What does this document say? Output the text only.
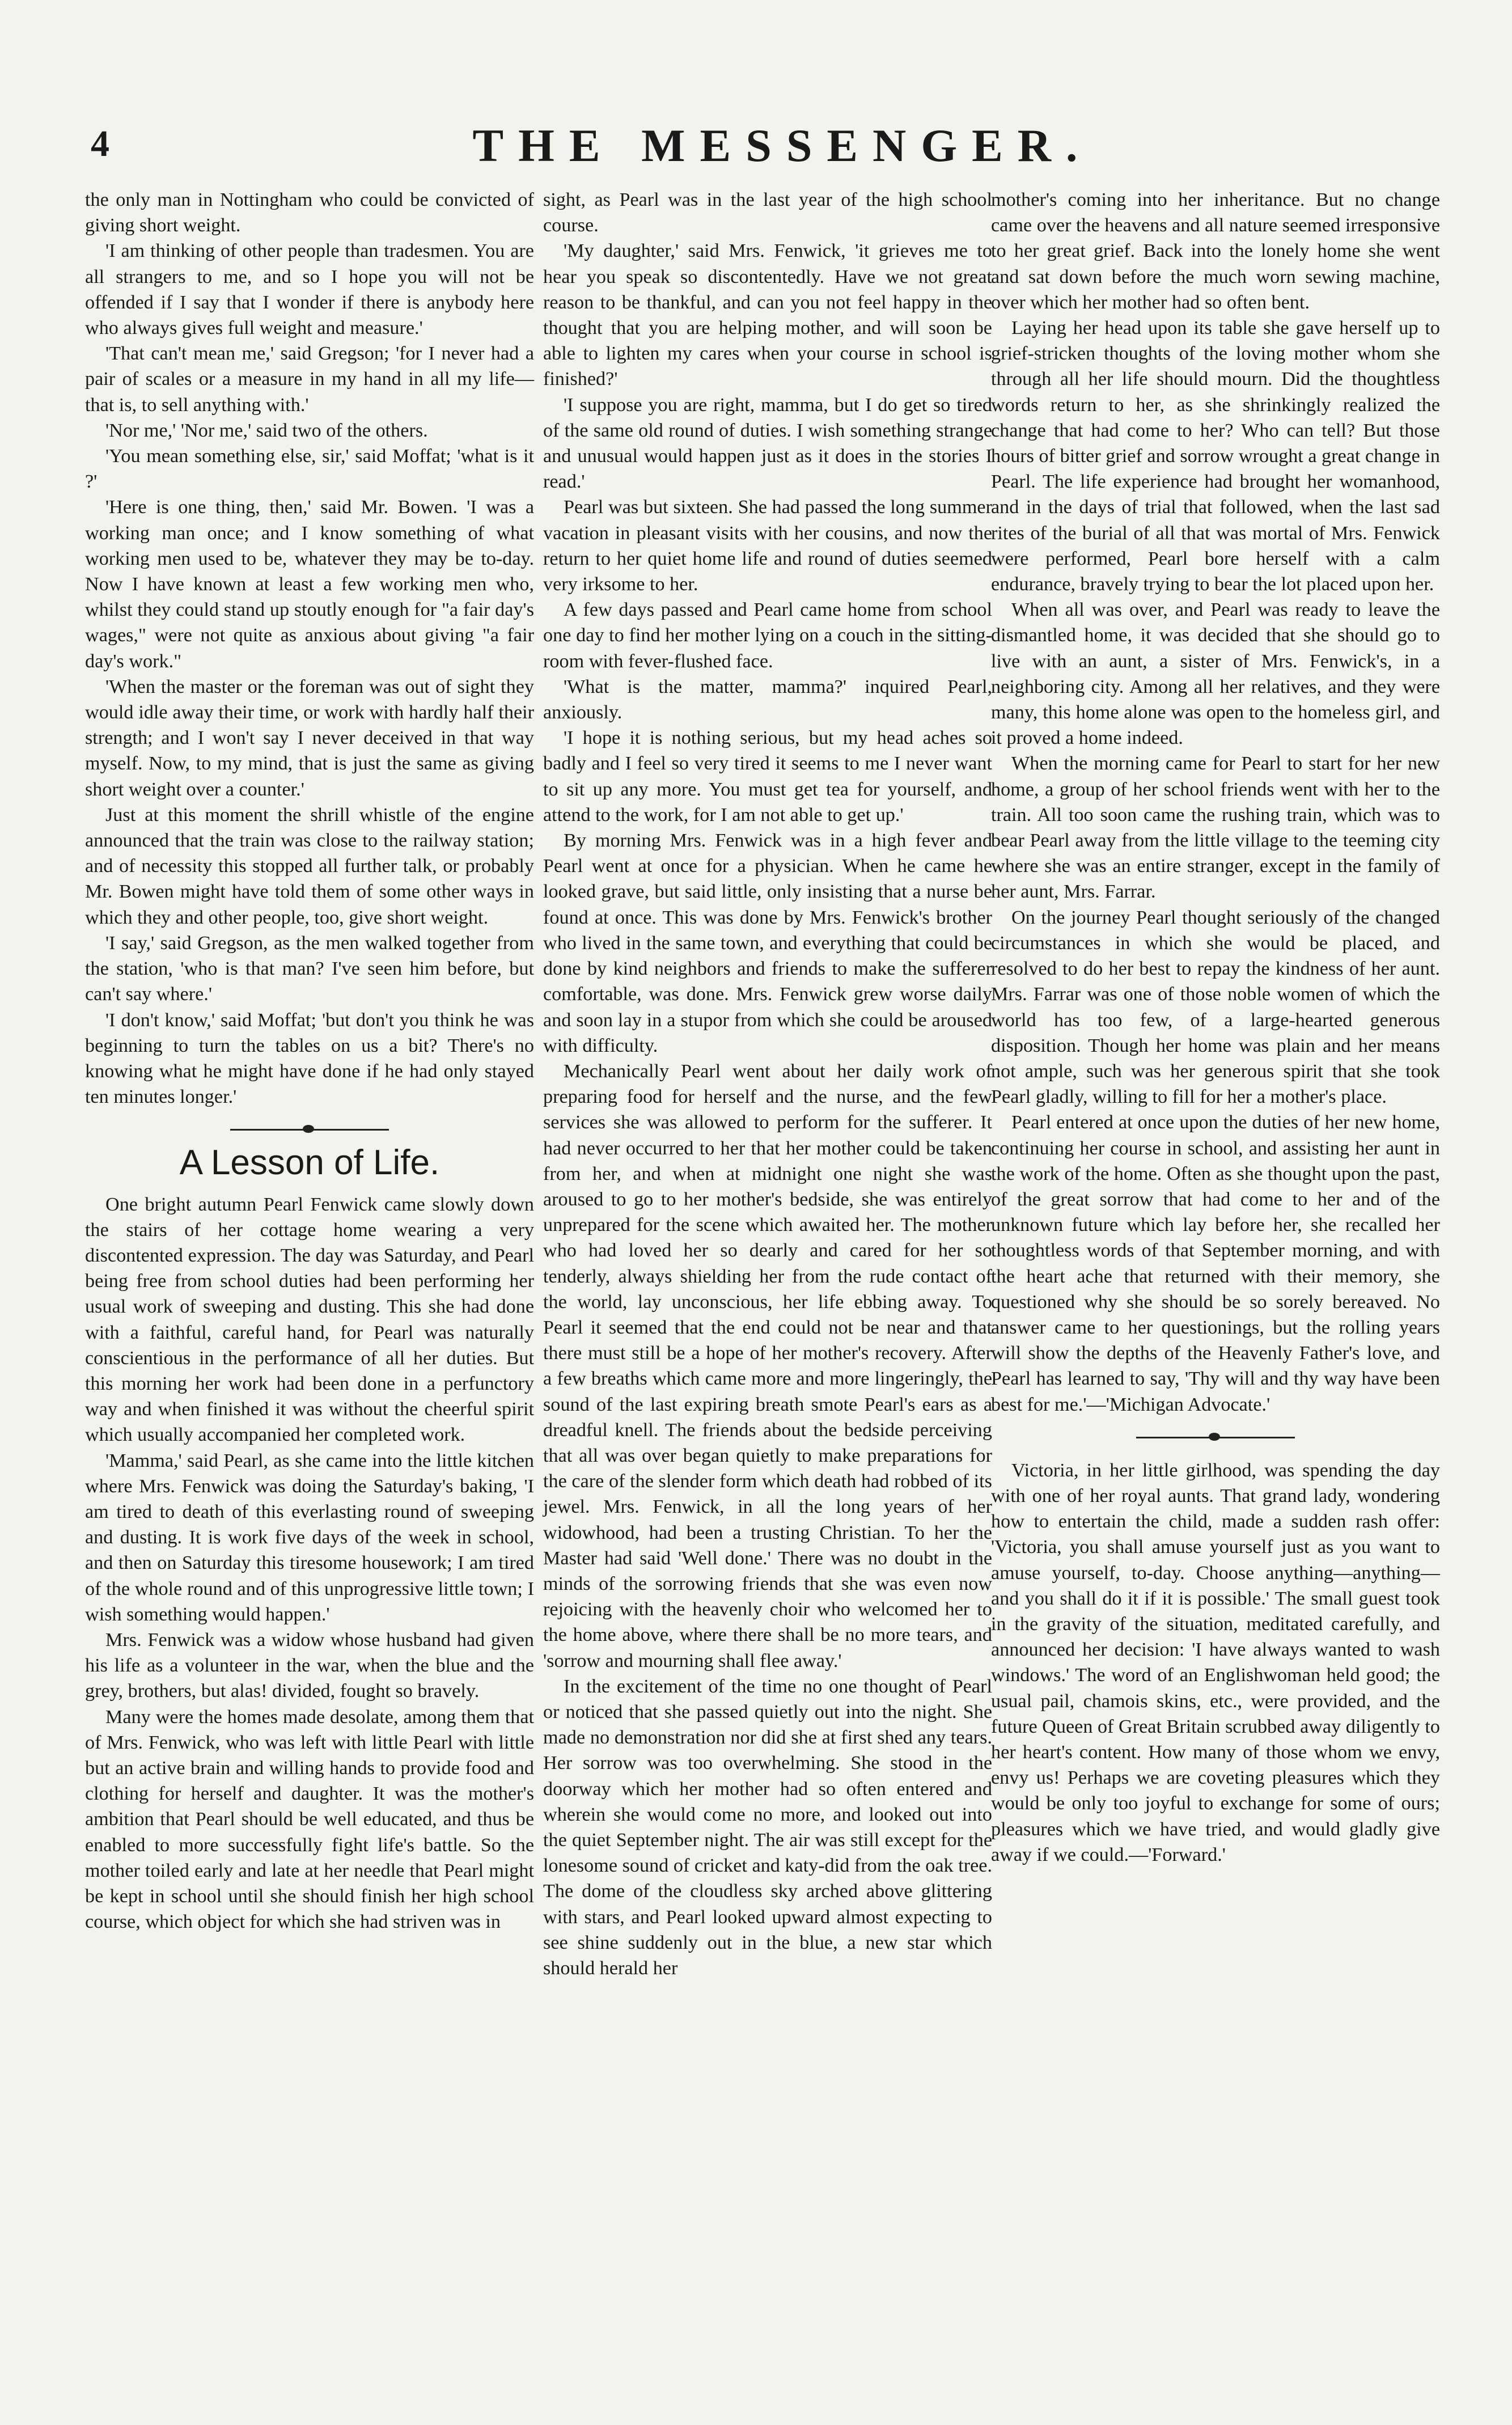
4	THE MESSENGER.

the only man in Nottingham who could be convicted of giving short weight.

'I am thinking of other people than tradesmen. You are all strangers to me, and so I hope you will not be offended if I say that I wonder if there is anybody here who always gives full weight and measure.'

'That can't mean me,' said Gregson; 'for I never had a pair of scales or a measure in my hand in all my life—that is, to sell anything with.'

'Nor me,' 'Nor me,' said two of the others.

'You mean something else, sir,' said Moffat; 'what is it ?'

'Here is one thing, then,' said Mr. Bowen. 'I was a working man once; and I know something of what working men used to be, whatever they may be to-day. Now I have known at least a few working men who, whilst they could stand up stoutly enough for "a fair day's wages," were not quite as anxious about giving "a fair day's work."

'When the master or the foreman was out of sight they would idle away their time, or work with hardly half their strength; and I won't say I never deceived in that way myself. Now, to my mind, that is just the same as giving short weight over a counter.'

Just at this moment the shrill whistle of the engine announced that the train was close to the railway station; and of necessity this stopped all further talk, or probably Mr. Bowen might have told them of some other ways in which they and other people, too, give short weight.

'I say,' said Gregson, as the men walked together from the station, 'who is that man? I've seen him before, but can't say where.'

'I don't know,' said Moffat; 'but don't you think he was beginning to turn the tables on us a bit? There's no knowing what he might have done if he had only stayed ten minutes longer.'

A Lesson of Life.

One bright autumn Pearl Fenwick came slowly down the stairs of her cottage home wearing a very discontented expression. The day was Saturday, and Pearl being free from school duties had been performing her usual work of sweeping and dusting. This she had done with a faithful, careful hand, for Pearl was naturally conscientious in the performance of all her duties. But this morning her work had been done in a perfunctory way and when finished it was without the cheerful spirit which usually accompanied her completed work.

'Mamma,' said Pearl, as she came into the little kitchen where Mrs. Fenwick was doing the Saturday's baking, 'I am tired to death of this everlasting round of sweeping and dusting. It is work five days of the week in school, and then on Saturday this tiresome housework; I am tired of the whole round and of this unprogressive little town; I wish something would happen.'

Mrs. Fenwick was a widow whose husband had given his life as a volunteer in the war, when the blue and the grey, brothers, but alas! divided, fought so bravely.

Many were the homes made desolate, among them that of Mrs. Fenwick, who was left with little Pearl with little but an active brain and willing hands to provide food and clothing for herself and daughter. It was the mother's ambition that Pearl should be well educated, and thus be enabled to more successfully fight life's battle. So the mother toiled early and late at her needle that Pearl might be kept in school until she should finish her high school course, which object for which she had striven was in

sight, as Pearl was in the last year of the high school course.

'My daughter,' said Mrs. Fenwick, 'it grieves me to hear you speak so discontentedly. Have we not great reason to be thankful, and can you not feel happy in the thought that you are helping mother, and will soon be able to lighten my cares when your course in school is finished?'

'I suppose you are right, mamma, but I do get so tired of the same old round of duties. I wish something strange and unusual would happen just as it does in the stories I read.'

Pearl was but sixteen. She had passed the long summer vacation in pleasant visits with her cousins, and now the return to her quiet home life and round of duties seemed very irksome to her.

A few days passed and Pearl came home from school one day to find her mother lying on a couch in the sitting-room with fever-flushed face.

'What is the matter, mamma?' inquired Pearl, anxiously.

'I hope it is nothing serious, but my head aches so badly and I feel so very tired it seems to me I never want to sit up any more. You must get tea for yourself, and attend to the work, for I am not able to get up.'

By morning Mrs. Fenwick was in a high fever and Pearl went at once for a physician. When he came he looked grave, but said little, only insisting that a nurse be found at once. This was done by Mrs. Fenwick's brother who lived in the same town, and everything that could be done by kind neighbors and friends to make the sufferer comfortable, was done. Mrs. Fenwick grew worse daily and soon lay in a stupor from which she could be aroused with difficulty.

Mechanically Pearl went about her daily work of preparing food for herself and the nurse, and the few services she was allowed to perform for the sufferer. It had never occurred to her that her mother could be taken from her, and when at midnight one night she was aroused to go to her mother's bedside, she was entirely unprepared for the scene which awaited her. The mother who had loved her so dearly and cared for her so tenderly, always shielding her from the rude contact of the world, lay unconscious, her life ebbing away. To Pearl it seemed that the end could not be near and that there must still be a hope of her mother's recovery. After a few breaths which came more and more lingeringly, the sound of the last expiring breath smote Pearl's ears as a dreadful knell. The friends about the bedside perceiving that all was over began quietly to make preparations for the care of the slender form which death had robbed of its jewel. Mrs. Fenwick, in all the long years of her widowhood, had been a trusting Christian. To her the Master had said 'Well done.' There was no doubt in the minds of the sorrowing friends that she was even now rejoicing with the heavenly choir who welcomed her to the home above, where there shall be no more tears, and 'sorrow and mourning shall flee away.'

In the excitement of the time no one thought of Pearl or noticed that she passed quietly out into the night. She made no demonstration nor did she at first shed any tears. Her sorrow was too overwhelming. She stood in the doorway which her mother had so often entered and wherein she would come no more, and looked out into the quiet September night. The air was still except for the lonesome sound of cricket and katy-did from the oak tree. The dome of the cloudless sky arched above glittering with stars, and Pearl looked upward almost expecting to see shine suddenly out in the blue, a new star which should herald her

mother's coming into her inheritance. But no change came over the heavens and all nature seemed irresponsive to her great grief. Back into the lonely home she went and sat down before the much worn sewing machine, over which her mother had so often bent.

Laying her head upon its table she gave herself up to grief-stricken thoughts of the loving mother whom she through all her life should mourn. Did the thoughtless words return to her, as she shrinkingly realized the change that had come to her? Who can tell? But those hours of bitter grief and sorrow wrought a great change in Pearl. The life experience had brought her womanhood, and in the days of trial that followed, when the last sad rites of the burial of all that was mortal of Mrs. Fenwick were performed, Pearl bore herself with a calm endurance, bravely trying to bear the lot placed upon her.

When all was over, and Pearl was ready to leave the dismantled home, it was decided that she should go to live with an aunt, a sister of Mrs. Fenwick's, in a neighboring city. Among all her relatives, and they were many, this home alone was open to the homeless girl, and it proved a home indeed.

When the morning came for Pearl to start for her new home, a group of her school friends went with her to the train. All too soon came the rushing train, which was to bear Pearl away from the little village to the teeming city where she was an entire stranger, except in the family of her aunt, Mrs. Farrar.

On the journey Pearl thought seriously of the changed circumstances in which she would be placed, and resolved to do her best to repay the kindness of her aunt. Mrs. Farrar was one of those noble women of which the world has too few, of a large-hearted generous disposition. Though her home was plain and her means not ample, such was her generous spirit that she took Pearl gladly, willing to fill for her a mother's place.

Pearl entered at once upon the duties of her new home, continuing her course in school, and assisting her aunt in the work of the home. Often as she thought upon the past, of the great sorrow that had come to her and of the unknown future which lay before her, she recalled her thoughtless words of that September morning, and with the heart ache that returned with their memory, she questioned why she should be so sorely bereaved. No answer came to her questionings, but the rolling years will show the depths of the Heavenly Father's love, and Pearl has learned to say, 'Thy will and thy way have been best for me.'—'Michigan Advocate.'

Victoria, in her little girlhood, was spending the day with one of her royal aunts. That grand lady, wondering how to entertain the child, made a sudden rash offer: 'Victoria, you shall amuse yourself just as you want to amuse yourself, to-day. Choose anything—anything—and you shall do it if it is possible.' The small guest took in the gravity of the situation, meditated carefully, and announced her decision: 'I have always wanted to wash windows.' The word of an Englishwoman held good; the usual pail, chamois skins, etc., were provided, and the future Queen of Great Britain scrubbed away diligently to her heart's content. How many of those whom we envy, envy us! Perhaps we are coveting pleasures which they would be only too joyful to exchange for some of ours; pleasures which we have tried, and would gladly give away if we could.—'Forward.'
